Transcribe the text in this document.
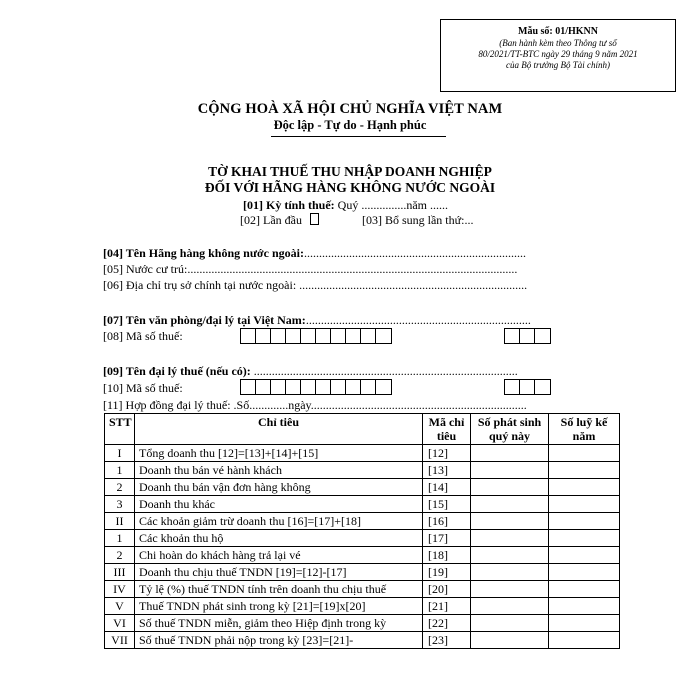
Mẫu số: 01/HKNN
(Ban hành kèm theo Thông tư số
80/2021/TT-BTC ngày 29 tháng 9 năm 2021
của Bộ trưởng Bộ Tài chính)
CỘNG HOÀ XÃ HỘI CHỦ NGHĨA VIỆT NAM
Độc lập - Tự do - Hạnh phúc
TỜ KHAI THUẾ THU NHẬP DOANH NGHIỆP
ĐỐI VỚI HÃNG HÀNG KHÔNG NƯỚC NGOÀI
[01] Kỳ tính thuế: Quý ...............năm ......
[02] Lần đầu	[03] Bổ sung lần thứ:...
[04] Tên Hãng hàng không nước ngoài:..........................................................................
[05] Nước cư trú:..............................................................................................................
[06] Địa chỉ trụ sở chính tại nước ngoài: ............................................................................
[07] Tên văn phòng/đại lý tại Việt Nam:...........................................................................
[08] Mã số thuế:
[09] Tên đại lý thuế (nếu có): ........................................................................................
[10] Mã số thuế:
[11] Hợp đồng đại lý thuế: .Số.............ngày........................................................................
STT	Chỉ tiêu	Mã chỉ tiêu	Số phát sinh quý này	Số luỹ kế năm
I	Tổng doanh thu [12]=[13]+[14]+[15]	[12]		
1	Doanh thu bán vé hành khách	[13]		
2	Doanh thu bán vận đơn hàng không	[14]		
3	Doanh thu khác	[15]		
II	Các khoản giảm trừ doanh thu [16]=[17]+[18]	[16]		
1	Các khoản thu hộ	[17]		
2	Chi hoàn do khách hàng trả lại vé	[18]		
III	Doanh thu chịu thuế TNDN [19]=[12]-[17]	[19]		
IV	Tỷ lệ (%) thuế TNDN tính trên doanh thu chịu thuế	[20]		
V	Thuế TNDN phát sinh trong kỳ [21]=[19]x[20]	[21]		
VI	Số thuế TNDN miễn, giảm theo Hiệp định trong kỳ	[22]		
VII	Số thuế TNDN phải nộp trong kỳ [23]=[21]-	[23]		
